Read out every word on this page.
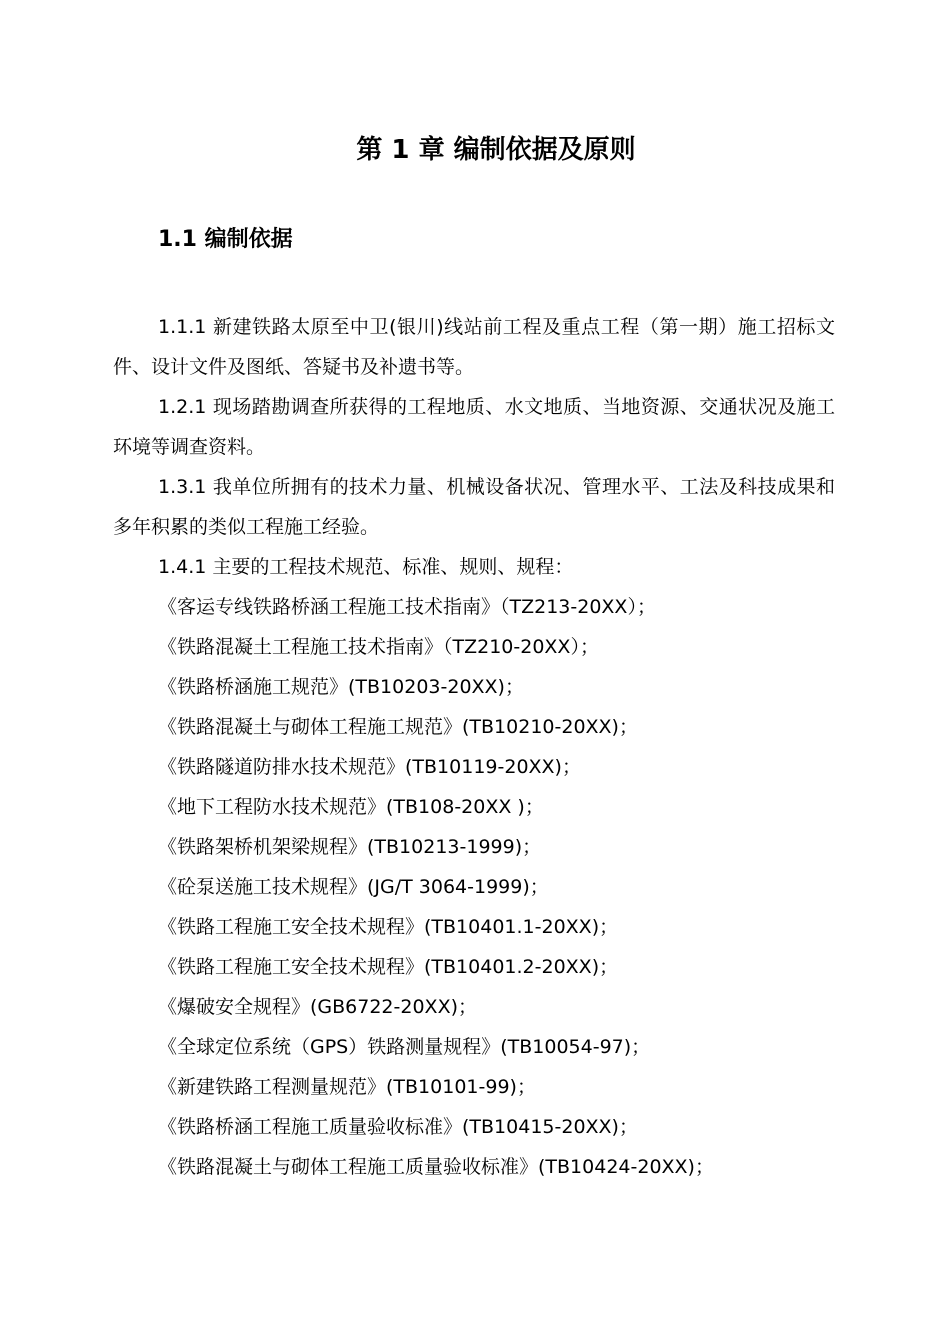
第 1 章 编制依据及原则
1.1 编制依据

1.1.1 新建铁路太原至中卫(银川)线站前工程及重点工程（第一期）施工招标文件、设计文件及图纸、答疑书及补遗书等。

1.2.1 现场踏勘调查所获得的工程地质、水文地质、当地资源、交通状况及施工环境等调查资料。

1.3.1 我单位所拥有的技术力量、机械设备状况、管理水平、工法及科技成果和多年积累的类似工程施工经验。

1.4.1 主要的工程技术规范、标准、规则、规程：

《客运专线铁路桥涵工程施工技术指南》（TZ213-20XX）；
《铁路混凝土工程施工技术指南》（TZ210-20XX）；
《铁路桥涵施工规范》(TB10203-20XX)；
《铁路混凝土与砌体工程施工规范》(TB10210-20XX)；
《铁路隧道防排水技术规范》(TB10119-20XX)；
《地下工程防水技术规范》(TB108-20XX )；
《铁路架桥机架梁规程》(TB10213-1999)；
《砼泵送施工技术规程》(JG/T 3064-1999)；
《铁路工程施工安全技术规程》(TB10401.1-20XX)；
《铁路工程施工安全技术规程》(TB10401.2-20XX)；
《爆破安全规程》(GB6722-20XX)；
《全球定位系统（GPS）铁路测量规程》(TB10054-97)；
《新建铁路工程测量规范》(TB10101-99)；
《铁路桥涵工程施工质量验收标准》(TB10415-20XX)；
《铁路混凝土与砌体工程施工质量验收标准》(TB10424-20XX)；
